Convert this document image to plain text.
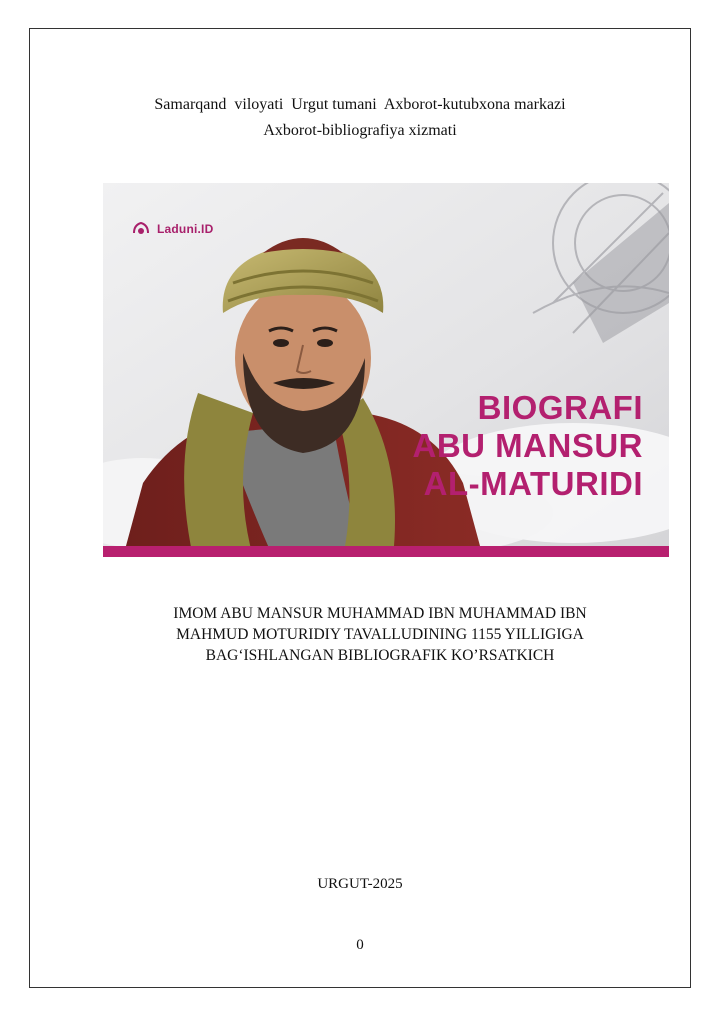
Samarqand  viloyati  Urgut tumani  Axborot-kutubxona markazi
Axborot-bibliografiya xizmati
Laduni.ID
BIOGRAFI
ABU MANSUR
AL-MATURIDI
IMOM ABU MANSUR MUHAMMAD IBN MUHAMMAD IBN
MAHMUD MOTURIDIY TAVALLUDINING 1155 YILLIGIGA
BAG‘ISHLANGAN BIBLIOGRAFIK KO’RSATKICH
URGUT-2025
0
